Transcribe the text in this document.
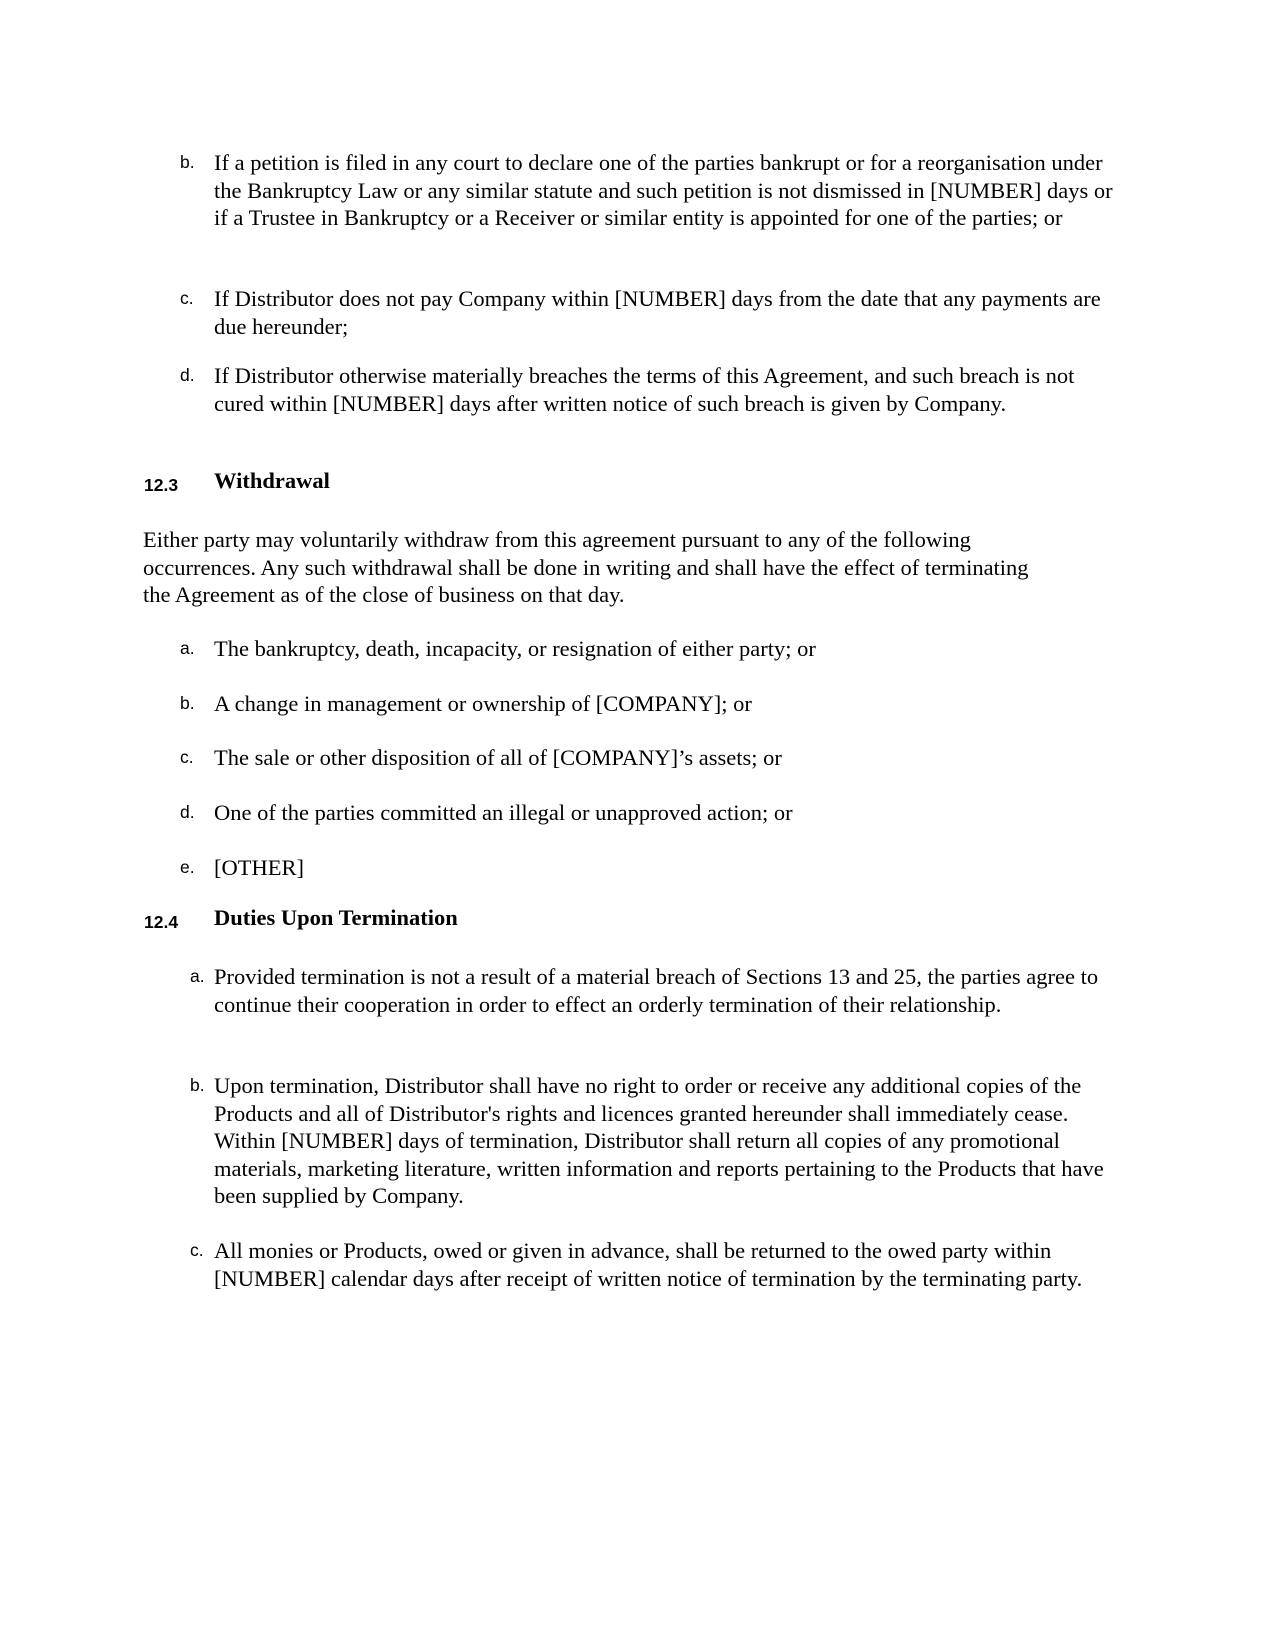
b. If a petition is filed in any court to declare one of the parties bankrupt or for a reorganisation under the Bankruptcy Law or any similar statute and such petition is not dismissed in [NUMBER] days or if a Trustee in Bankruptcy or a Receiver or similar entity is appointed for one of the parties; or
c. If Distributor does not pay Company within [NUMBER] days from the date that any payments are due hereunder;
d. If Distributor otherwise materially breaches the terms of this Agreement, and such breach is not cured within [NUMBER] days after written notice of such breach is given by Company.
12.3 Withdrawal
Either party may voluntarily withdraw from this agreement pursuant to any of the following occurrences. Any such withdrawal shall be done in writing and shall have the effect of terminating the Agreement as of the close of business on that day.
a. The bankruptcy, death, incapacity, or resignation of either party; or
b. A change in management or ownership of [COMPANY]; or
c. The sale or other disposition of all of [COMPANY]’s assets; or
d. One of the parties committed an illegal or unapproved action; or
e. [OTHER]
12.4 Duties Upon Termination
a. Provided termination is not a result of a material breach of Sections 13 and 25, the parties agree to continue their cooperation in order to effect an orderly termination of their relationship.
b. Upon termination, Distributor shall have no right to order or receive any additional copies of the Products and all of Distributor's rights and licences granted hereunder shall immediately cease. Within [NUMBER] days of termination, Distributor shall return all copies of any promotional materials, marketing literature, written information and reports pertaining to the Products that have been supplied by Company.
c. All monies or Products, owed or given in advance, shall be returned to the owed party within [NUMBER] calendar days after receipt of written notice of termination by the terminating party.
